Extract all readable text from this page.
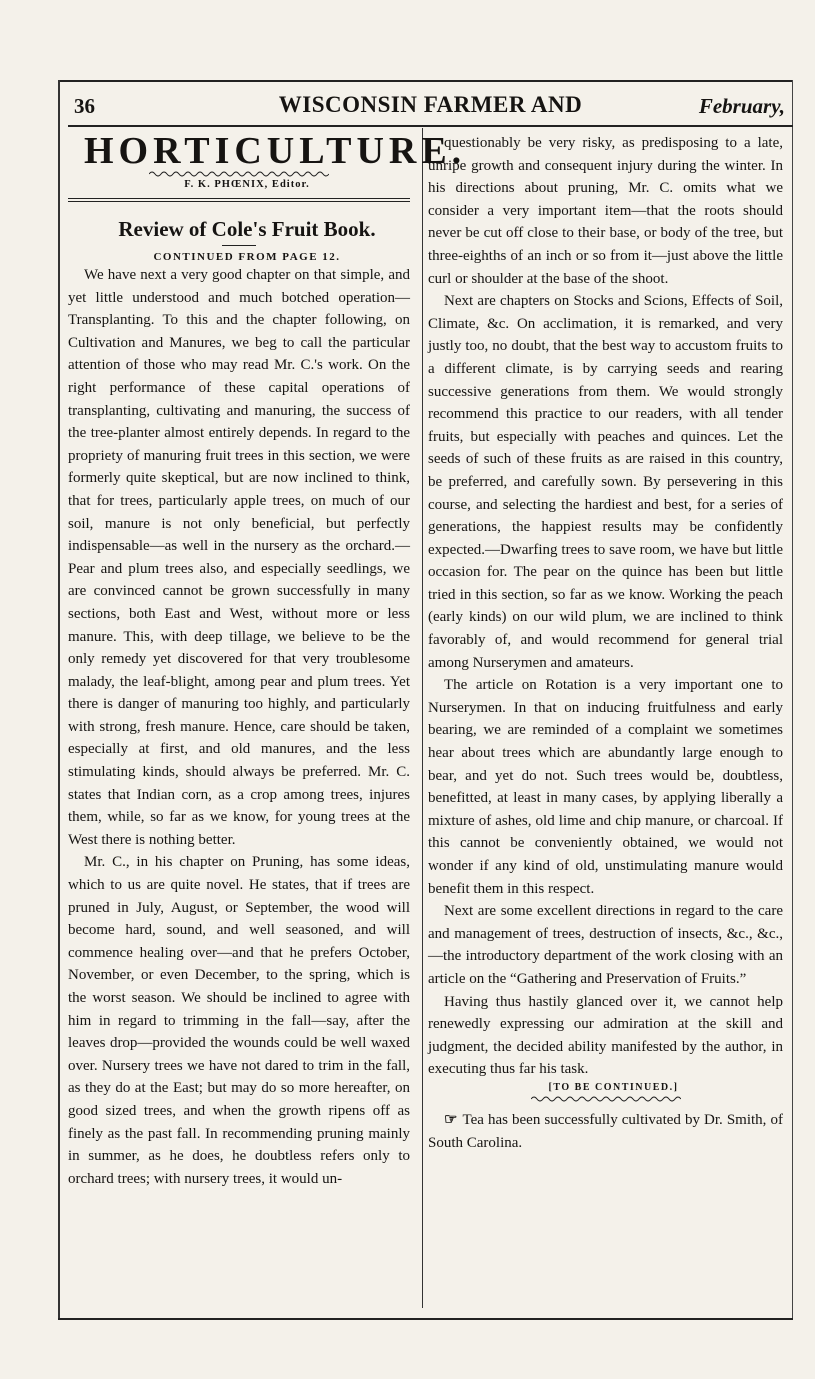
36	WISCONSIN FARMER AND	February,

HORTICULTURE.

F. K. PHŒNIX, Editor.

Review of Cole's Fruit Book.

CONTINUED FROM PAGE 12.

We have next a very good chapter on that simple, and yet little understood and much botched operation—Transplanting. To this and the chapter following, on Cultivation and Manures, we beg to call the particular attention of those who may read Mr. C.'s work. On the right performance of these capital operations of transplanting, cultivating and manuring, the success of the tree-planter almost entirely depends. In regard to the propriety of manuring fruit trees in this section, we were formerly quite skeptical, but are now inclined to think, that for trees, particularly apple trees, on much of our soil, manure is not only beneficial, but perfectly indispensable—as well in the nursery as the orchard.—Pear and plum trees also, and especially seedlings, we are convinced cannot be grown successfully in many sections, both East and West, without more or less manure. This, with deep tillage, we believe to be the only remedy yet discovered for that very troublesome malady, the leaf-blight, among pear and plum trees. Yet there is danger of manuring too highly, and particularly with strong, fresh manure. Hence, care should be taken, especially at first, and old manures, and the less stimulating kinds, should always be preferred. Mr. C. states that Indian corn, as a crop among trees, injures them, while, so far as we know, for young trees at the West there is nothing better.

Mr. C., in his chapter on Pruning, has some ideas, which to us are quite novel. He states, that if trees are pruned in July, August, or September, the wood will become hard, sound, and well seasoned, and will commence healing over—and that he prefers October, November, or even December, to the spring, which is the worst season. We should be inclined to agree with him in regard to trimming in the fall—say, after the leaves drop—provided the wounds could be well waxed over. Nursery trees we have not dared to trim in the fall, as they do at the East; but may do so more hereafter, on good sized trees, and when the growth ripens off as finely as the past fall. In recommending pruning mainly in summer, as he does, he doubtless refers only to orchard trees; with nursery trees, it would un-

questionably be very risky, as predisposing to a late, unripe growth and consequent injury during the winter. In his directions about pruning, Mr. C. omits what we consider a very important item—that the roots should never be cut off close to their base, or body of the tree, but three-eighths of an inch or so from it—just above the little curl or shoulder at the base of the shoot.

Next are chapters on Stocks and Scions, Effects of Soil, Climate, &c. On acclimation, it is remarked, and very justly too, no doubt, that the best way to accustom fruits to a different climate, is by carrying seeds and rearing successive generations from them. We would strongly recommend this practice to our readers, with all tender fruits, but especially with peaches and quinces. Let the seeds of such of these fruits as are raised in this country, be preferred, and carefully sown. By persevering in this course, and selecting the hardiest and best, for a series of generations, the happiest results may be confidently expected.—Dwarfing trees to save room, we have but little occasion for. The pear on the quince has been but little tried in this section, so far as we know. Working the peach (early kinds) on our wild plum, we are inclined to think favorably of, and would recommend for general trial among Nurserymen and amateurs.

The article on Rotation is a very important one to Nurserymen. In that on inducing fruitfulness and early bearing, we are reminded of a complaint we sometimes hear about trees which are abundantly large enough to bear, and yet do not. Such trees would be, doubtless, benefitted, at least in many cases, by applying liberally a mixture of ashes, old lime and chip manure, or charcoal. If this cannot be conveniently obtained, we would not wonder if any kind of old, unstimulating manure would benefit them in this respect.

Next are some excellent directions in regard to the care and management of trees, destruction of insects, &c., &c.,—the introductory department of the work closing with an article on the “Gathering and Preservation of Fruits.”

Having thus hastily glanced over it, we cannot help renewedly expressing our admiration at the skill and judgment, the decided ability manifested by the author, in executing thus far his task.

[TO BE CONTINUED.]

☞ Tea has been successfully cultivated by Dr. Smith, of South Carolina.
